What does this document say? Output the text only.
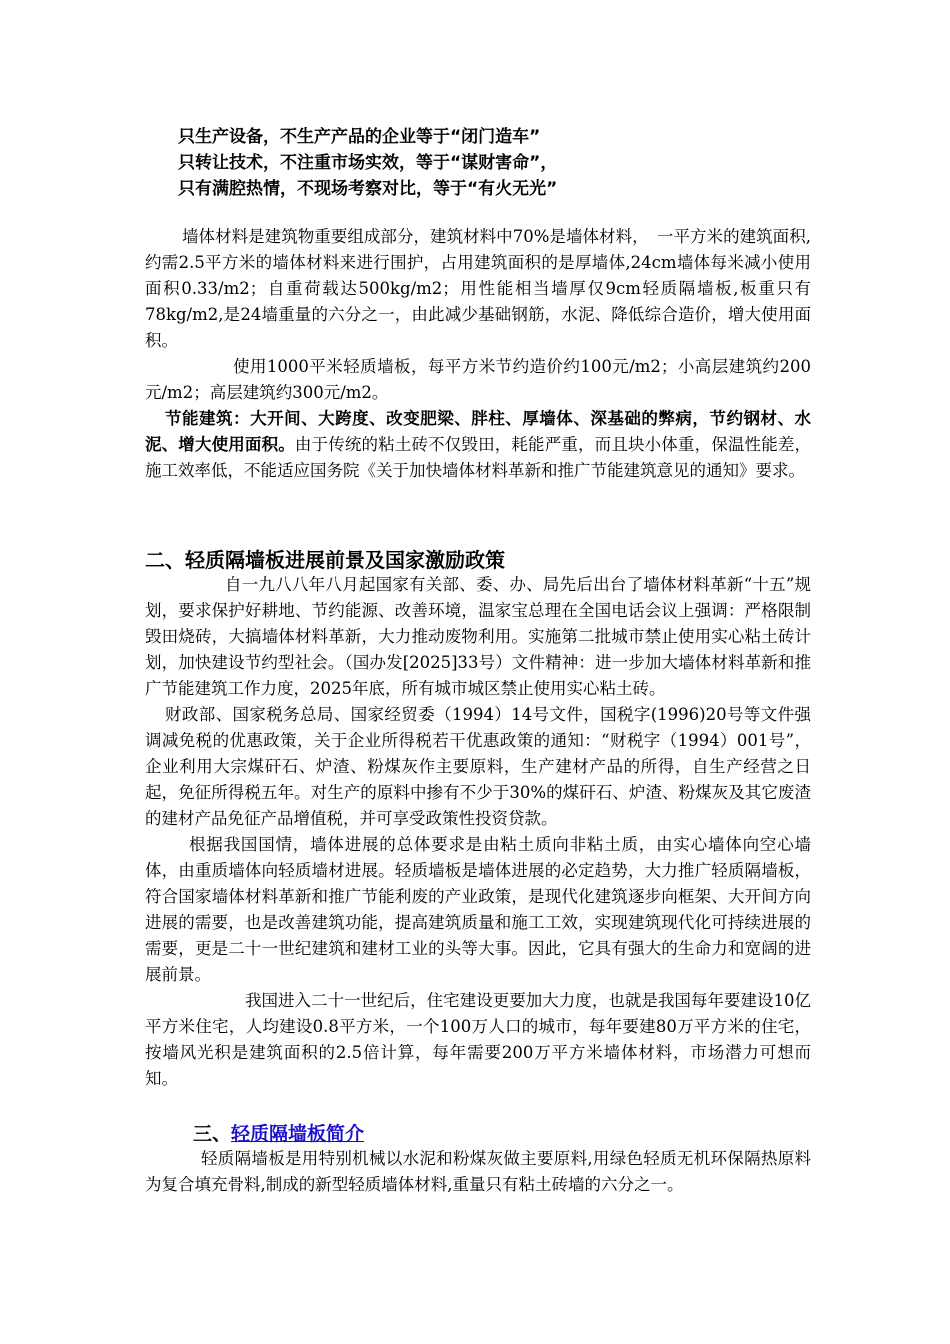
只生产设备，不生产产品的企业等于“闭门造车”
只转让技术，不注重市场实效，等于“谋财害命”，
只有满腔热情，不现场考察对比，等于“有火无光”

墙体材料是建筑物重要组成部分，建筑材料中70%是墙体材料，　一平方米的建筑面积,约需2.5平方米的墙体材料来进行围护，占用建筑面积的是厚墙体,24cm墙体每米减小使用面积0.33/m2；自重荷载达500kg/m2；用性能相当墙厚仅9cm轻质隔墙板,板重只有78kg/m2,是24墙重量的六分之一，由此减少基础钢筋，水泥、降低综合造价，增大使用面积。

使用1000平米轻质墙板，每平方米节约造价约100元/m2；小高层建筑约200元/m2；高层建筑约300元/m2。

节能建筑：大开间、大跨度、改变肥梁、胖柱、厚墙体、深基础的弊病，节约钢材、水泥、增大使用面积。由于传统的粘土砖不仅毁田，耗能严重，而且块小体重，保温性能差，施工效率低，不能适应国务院《关于加快墙体材料革新和推广节能建筑意见的通知》要求。

二、轻质隔墙板进展前景及国家激励政策

自一九八八年八月起国家有关部、委、办、局先后出台了墙体材料革新“十五”规划，要求保护好耕地、节约能源、改善环境，温家宝总理在全国电话会议上强调：严格限制毁田烧砖，大搞墙体材料革新，大力推动废物利用。实施第二批城市禁止使用实心粘土砖计划，加快建设节约型社会。（国办发[2025]33号）文件精神：进一步加大墙体材料革新和推广节能建筑工作力度，2025年底，所有城市城区禁止使用实心粘土砖。

财政部、国家税务总局、国家经贸委（1994）14号文件，国税字(1996)20号等文件强调减免税的优惠政策，关于企业所得税若干优惠政策的通知：“财税字（1994）001号”，企业利用大宗煤矸石、炉渣、粉煤灰作主要原料，生产建材产品的所得，自生产经营之日起，免征所得税五年。对生产的原料中掺有不少于30%的煤矸石、炉渣、粉煤灰及其它废渣的建材产品免征产品增值税，并可享受政策性投资贷款。

根据我国国情，墙体进展的总体要求是由粘土质向非粘土质，由实心墙体向空心墙体，由重质墙体向轻质墙材进展。轻质墙板是墙体进展的必定趋势，大力推广轻质隔墙板，符合国家墙体材料革新和推广节能利废的产业政策，是现代化建筑逐步向框架、大开间方向进展的需要，也是改善建筑功能，提高建筑质量和施工工效，实现建筑现代化可持续进展的需要，更是二十一世纪建筑和建材工业的头等大事。因此，它具有强大的生命力和宽阔的进展前景。

我国进入二十一世纪后，住宅建设更要加大力度，也就是我国每年要建设10亿平方米住宅，人均建设0.8平方米，一个100万人口的城市，每年要建80万平方米的住宅，按墙风光积是建筑面积的2.5倍计算，每年需要200万平方米墙体材料，市场潜力可想而知。

三、轻质隔墙板简介

轻质隔墙板是用特别机械以水泥和粉煤灰做主要原料,用绿色轻质无机环保隔热原料为复合填充骨料,制成的新型轻质墙体材料,重量只有粘土砖墙的六分之一。
